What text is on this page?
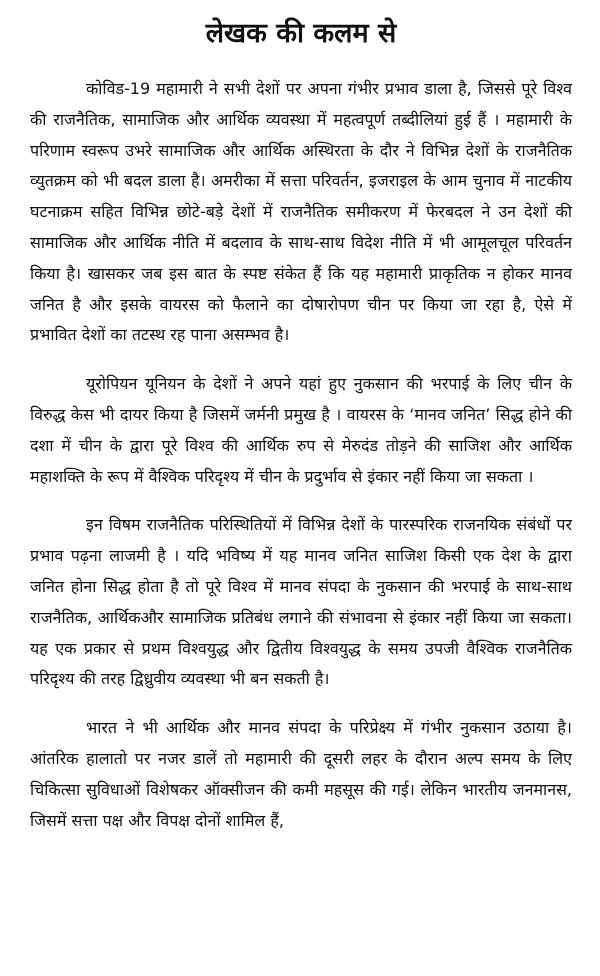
लेखक की कलम से

कोविड-19 महामारी ने सभी देशों पर अपना गंभीर प्रभाव डाला है, जिससे पूरे विश्व की राजनैतिक, सामाजिक और आर्थिक व्यवस्था में महत्वपूर्ण तब्दीलियां हुई हैं । महामारी के परिणाम स्वरूप उभरे सामाजिक और आर्थिक अस्थिरता के दौर ने विभिन्न देशों के राजनैतिक व्युतक्रम को भी बदल डाला है। अमरीका में सत्ता परिवर्तन, इजराइल के आम चुनाव में नाटकीय घटनाक्रम सहित विभिन्न छोटे-बड़े देशों में राजनैतिक समीकरण में फेरबदल ने उन देशों की सामाजिक और आर्थिक नीति में बदलाव के साथ-साथ विदेश नीति में भी आमूलचूल परिवर्तन किया है। खासकर जब इस बात के स्पष्ट संकेत हैं कि यह महामारी प्राकृतिक न होकर मानव जनित है और इसके वायरस को फैलाने का दोषारोपण चीन पर किया जा रहा है, ऐसे में प्रभावित देशों का तटस्थ रह पाना असम्भव है।

यूरोपियन यूनियन के देशों ने अपने यहां हुए नुकसान की भरपाई के लिए चीन के विरुद्ध केस भी दायर किया है जिसमें जर्मनी प्रमुख है । वायरस के ‘मानव जनित’ सिद्ध होने की दशा में चीन के द्वारा पूरे विश्व की आर्थिक रुप से मेरुदंड तोड़ने की साजिश और आर्थिक महाशक्ति के रूप में वैश्विक परिदृश्य में चीन के प्रदुर्भाव से इंकार नहीं किया जा सकता ।

इन विषम राजनैतिक परिस्थितियों में विभिन्न देशों के पारस्परिक राजनयिक संबंधों पर प्रभाव पढ़ना लाजमी है । यदि भविष्य में यह मानव जनित साजिश किसी एक देश के द्वारा जनित होना सिद्ध होता है तो पूरे विश्व में मानव संपदा के नुकसान की भरपाई के साथ-साथ राजनैतिक, आर्थिकऔर सामाजिक प्रतिबंध लगाने की संभावना से इंकार नहीं किया जा सकता। यह एक प्रकार से प्रथम विश्वयुद्ध और द्वितीय विश्वयुद्ध के समय उपजी वैश्विक राजनैतिक परिदृश्य की तरह द्विध्रुवीय व्यवस्था भी बन सकती है।

भारत ने भी आर्थिक और मानव संपदा के परिप्रेक्ष्य में गंभीर नुकसान उठाया है।आंतरिक हालातो पर नजर डालें तो महामारी की दूसरी लहर के दौरान अल्प समय के लिए चिकित्सा सुविधाओं विशेषकर ऑक्सीजन की कमी महसूस की गई। लेकिन भारतीय जनमानस, जिसमें सत्ता पक्ष और विपक्ष दोनों शामिल हैं,
